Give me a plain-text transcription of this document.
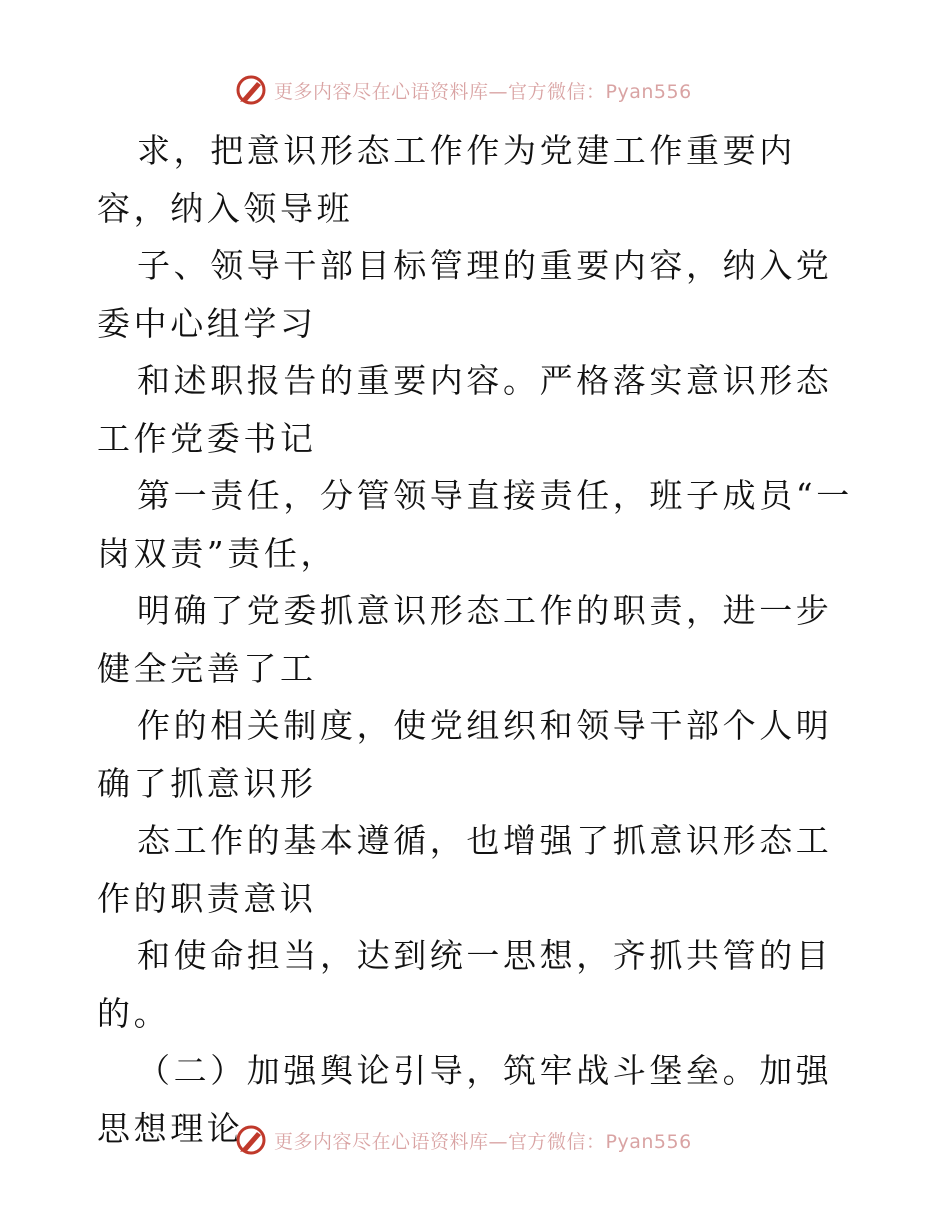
更多内容尽在心语资料库—官方微信：Pyan556

求，把意识形态工作作为党建工作重要内容，纳入领导班

子、领导干部目标管理的重要内容，纳入党委中心组学习

和述职报告的重要内容。严格落实意识形态工作党委书记

第一责任，分管领导直接责任，班子成员“一岗双责”责任，

明确了党委抓意识形态工作的职责，进一步健全完善了工

作的相关制度，使党组织和领导干部个人明确了抓意识形

态工作的基本遵循，也增强了抓意识形态工作的职责意识

和使命担当，达到统一思想，齐抓共管的目的。

（二）加强舆论引导，筑牢战斗堡垒。加强思想理论	更多内容尽在心语资料库—官方微信：Pyan556
